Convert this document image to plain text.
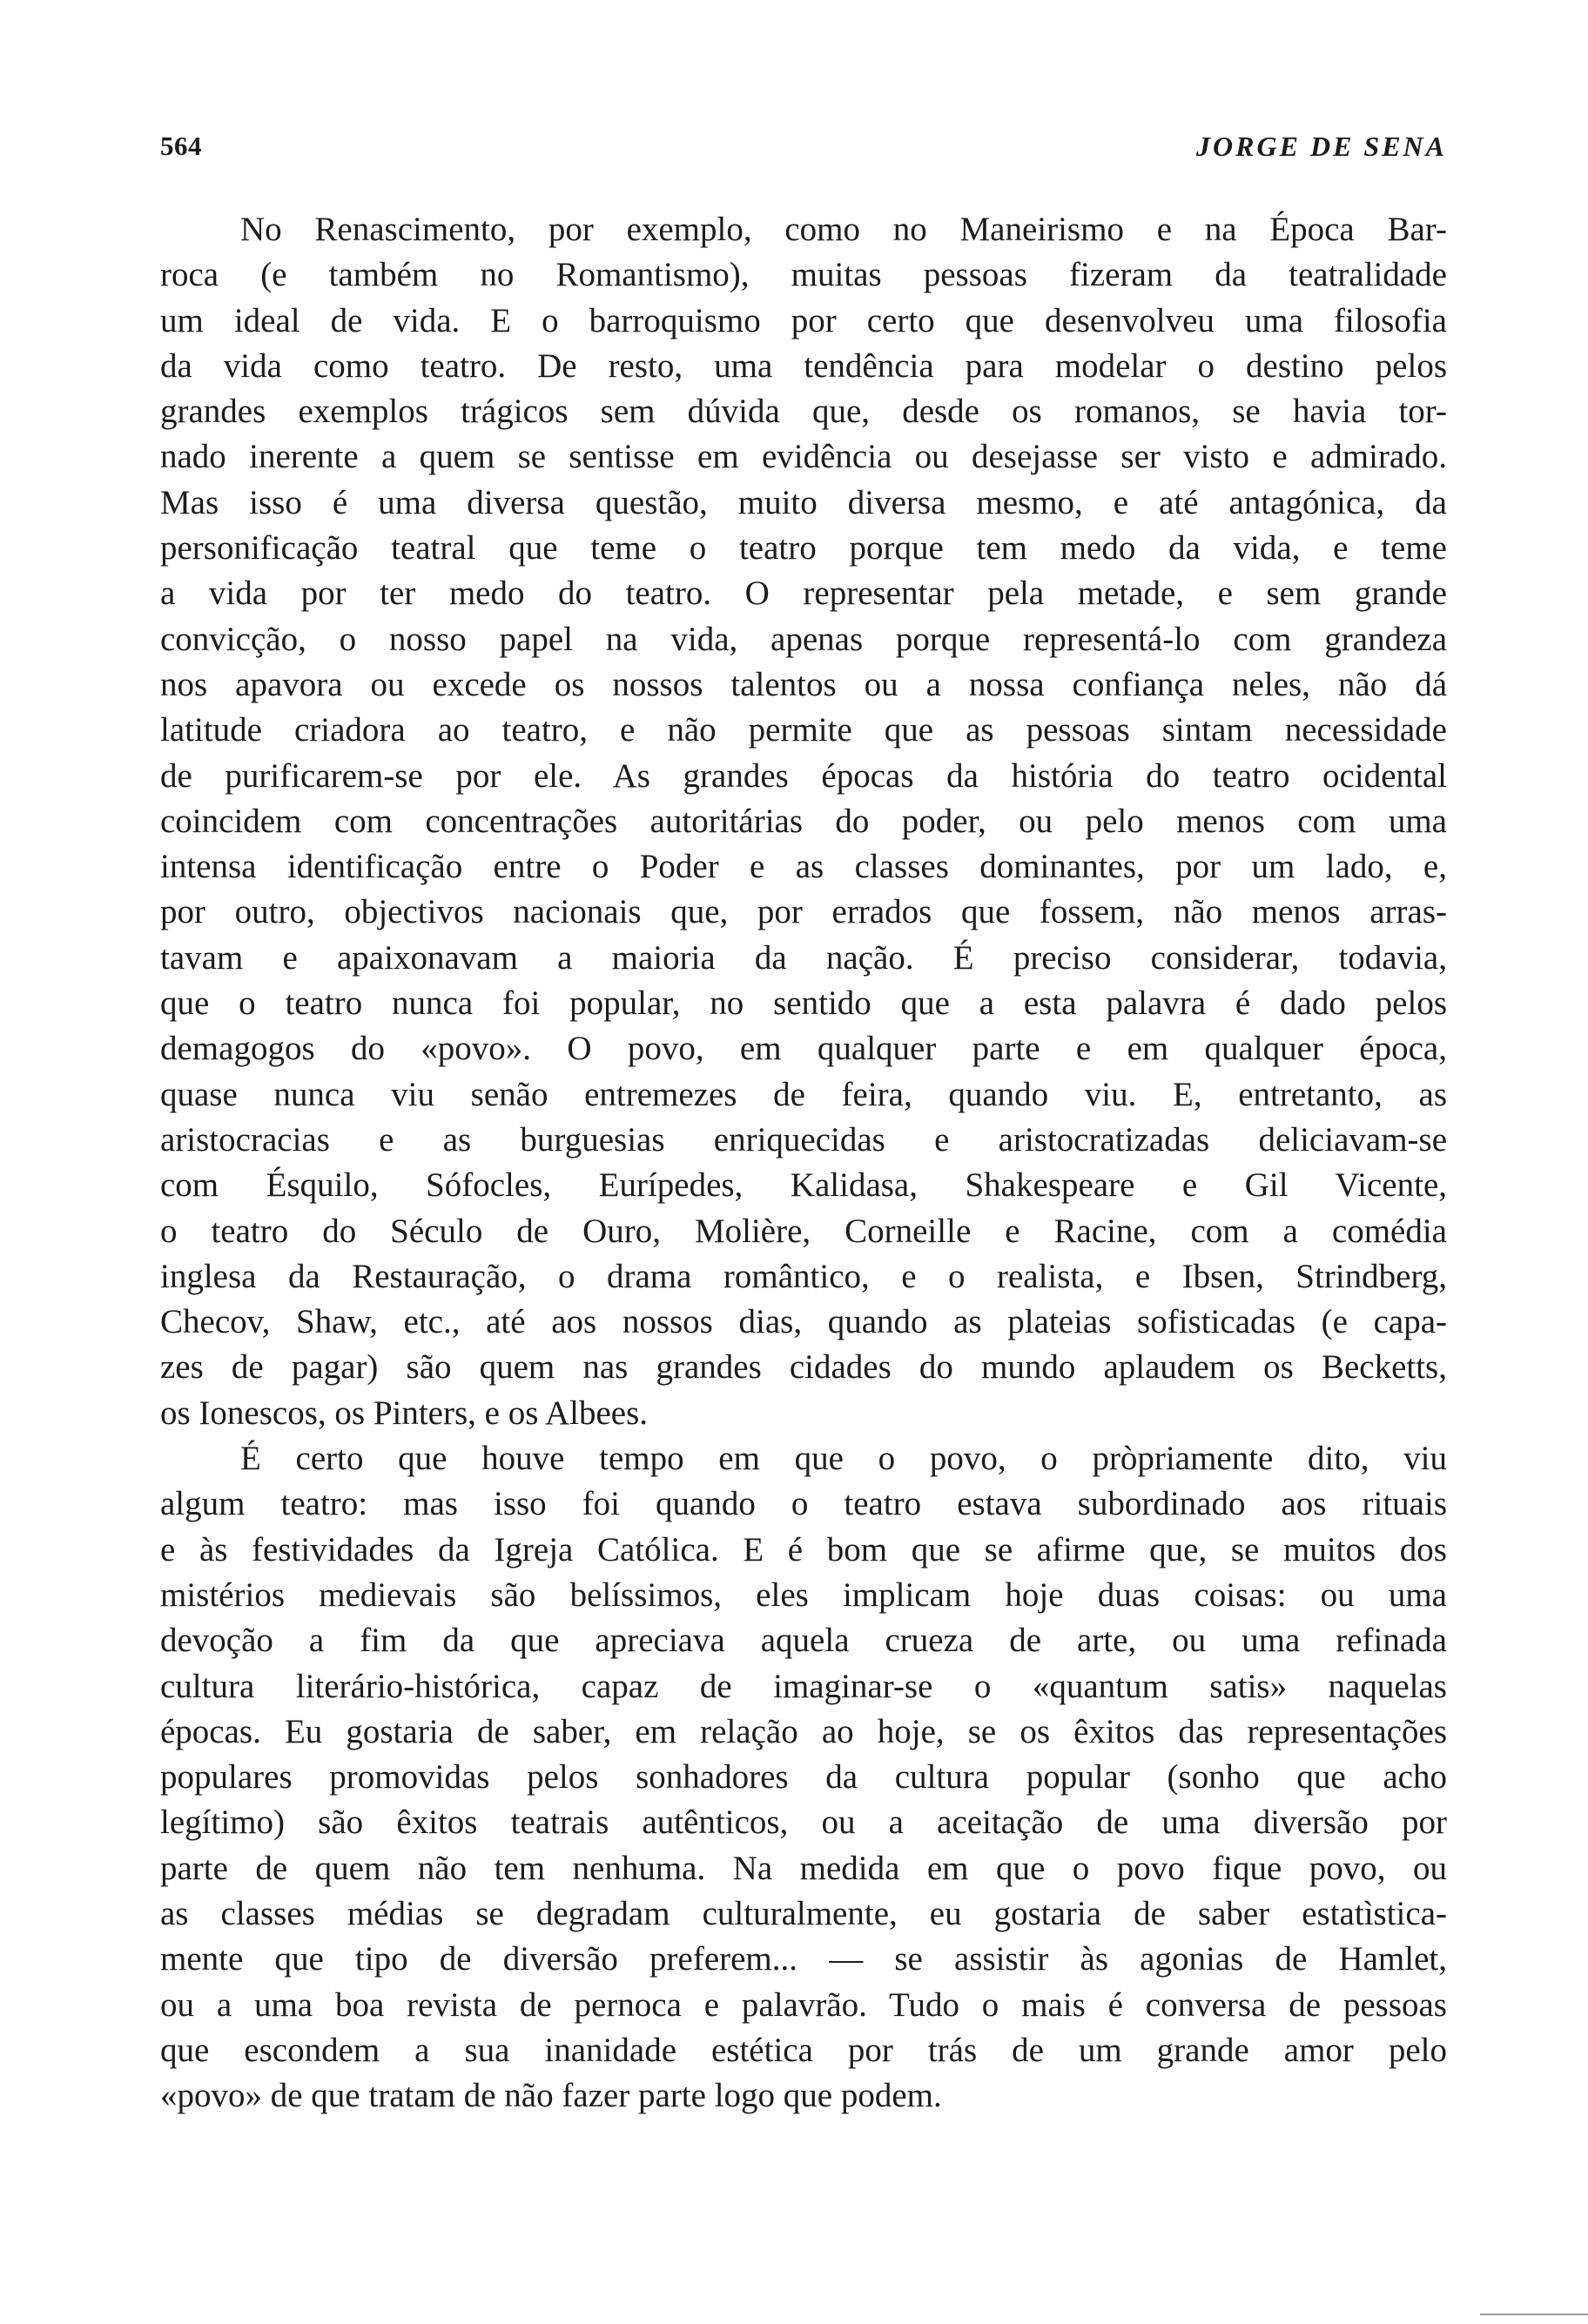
564	JORGE DE SENA
No Renascimento, por exemplo, como no Maneirismo e na Época Bar-
roca (e também no Romantismo), muitas pessoas fizeram da teatralidade
um ideal de vida. E o barroquismo por certo que desenvolveu uma filosofia
da vida como teatro. De resto, uma tendência para modelar o destino pelos
grandes exemplos trágicos sem dúvida que, desde os romanos, se havia tor-
nado inerente a quem se sentisse em evidência ou desejasse ser visto e admirado.
Mas isso é uma diversa questão, muito diversa mesmo, e até antagónica, da
personificação teatral que teme o teatro porque tem medo da vida, e teme
a vida por ter medo do teatro. O representar pela metade, e sem grande
convicção, o nosso papel na vida, apenas porque representá-lo com grandeza
nos apavora ou excede os nossos talentos ou a nossa confiança neles, não dá
latitude criadora ao teatro, e não permite que as pessoas sintam necessidade
de purificarem-se por ele. As grandes épocas da história do teatro ocidental
coincidem com concentrações autoritárias do poder, ou pelo menos com uma
intensa identificação entre o Poder e as classes dominantes, por um lado, e,
por outro, objectivos nacionais que, por errados que fossem, não menos arras-
tavam e apaixonavam a maioria da nação. É preciso considerar, todavia,
que o teatro nunca foi popular, no sentido que a esta palavra é dado pelos
demagogos do «povo». O povo, em qualquer parte e em qualquer época,
quase nunca viu senão entremezes de feira, quando viu. E, entretanto, as
aristocracias e as burguesias enriquecidas e aristocratizadas deliciavam-se
com Ésquilo, Sófocles, Eurípedes, Kalidasa, Shakespeare e Gil Vicente,
o teatro do Século de Ouro, Molière, Corneille e Racine, com a comédia
inglesa da Restauração, o drama romântico, e o realista, e Ibsen, Strindberg,
Checov, Shaw, etc., até aos nossos dias, quando as plateias sofisticadas (e capa-
zes de pagar) são quem nas grandes cidades do mundo aplaudem os Becketts,
os Ionescos, os Pinters, e os Albees.
É certo que houve tempo em que o povo, o pròpriamente dito, viu
algum teatro: mas isso foi quando o teatro estava subordinado aos rituais
e às festividades da Igreja Católica. E é bom que se afirme que, se muitos dos
mistérios medievais são belíssimos, eles implicam hoje duas coisas: ou uma
devoção a fim da que apreciava aquela crueza de arte, ou uma refinada
cultura literário-histórica, capaz de imaginar-se o «quantum satis» naquelas
épocas. Eu gostaria de saber, em relação ao hoje, se os êxitos das representações
populares promovidas pelos sonhadores da cultura popular (sonho que acho
legítimo) são êxitos teatrais autênticos, ou a aceitação de uma diversão por
parte de quem não tem nenhuma. Na medida em que o povo fique povo, ou
as classes médias se degradam culturalmente, eu gostaria de saber estatìstica-
mente que tipo de diversão preferem... — se assistir às agonias de Hamlet,
ou a uma boa revista de pernoca e palavrão. Tudo o mais é conversa de pessoas
que escondem a sua inanidade estética por trás de um grande amor pelo
«povo» de que tratam de não fazer parte logo que podem.
